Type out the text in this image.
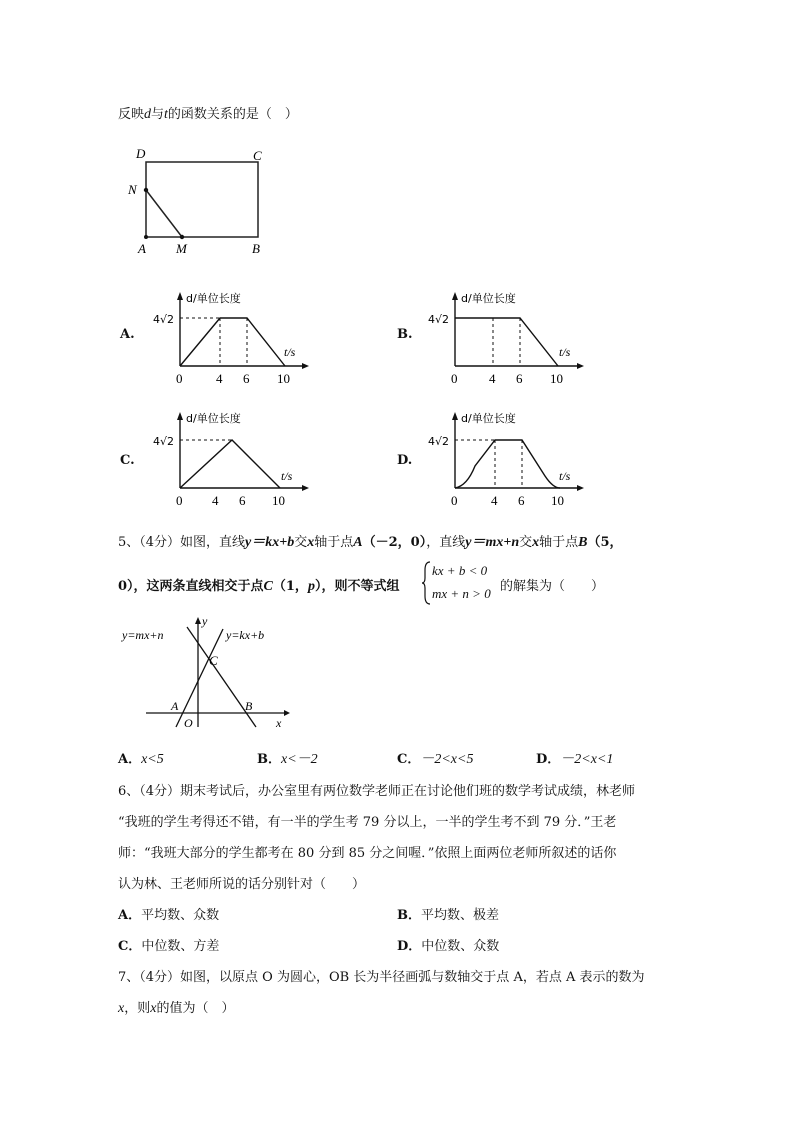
反映d与t的函数关系的是（　）
D	C
N
A M	B
A.	B.
C.	D.
d/单位长度
4√2
t/s
0	4 6 10
d/单位长度
4√2
t/s
0 4 6 10
d/单位长度
4√2
t/s
0 4 6 10
d/单位长度
4√2
t/s
0	4 6 10
5、（4分）如图，直线y＝kx+b交x轴于点A（－2，0），直线y＝mx+n交x轴于点B（5，
0），这两条直线相交于点C（1，p），则不等式组
kx + b < 0
mx + n > 0 的解集为（　　）
y=mx+n	y=kx+b
y
x
C
A
O
B
A．x<5	B．x<－2	C．－2<x<5	D．－2<x<1
6、（4分）期末考试后，办公室里有两位数学老师正在讨论他们班的数学考试成绩，林老师
“我班的学生考得还不错，有一半的学生考 79 分以上，一半的学生考不到 79 分．”王老
师：“我班大部分的学生都考在 80 分到 85 分之间喔．”依照上面两位老师所叙述的话你
认为林、王老师所说的话分别针对（　　）
A．平均数、众数	B．平均数、极差
C．中位数、方差	D．中位数、众数
7、（4分）如图，以原点 O 为圆心，OB 长为半径画弧与数轴交于点 A，若点 A 表示的数为
x，则x的值为（　）
